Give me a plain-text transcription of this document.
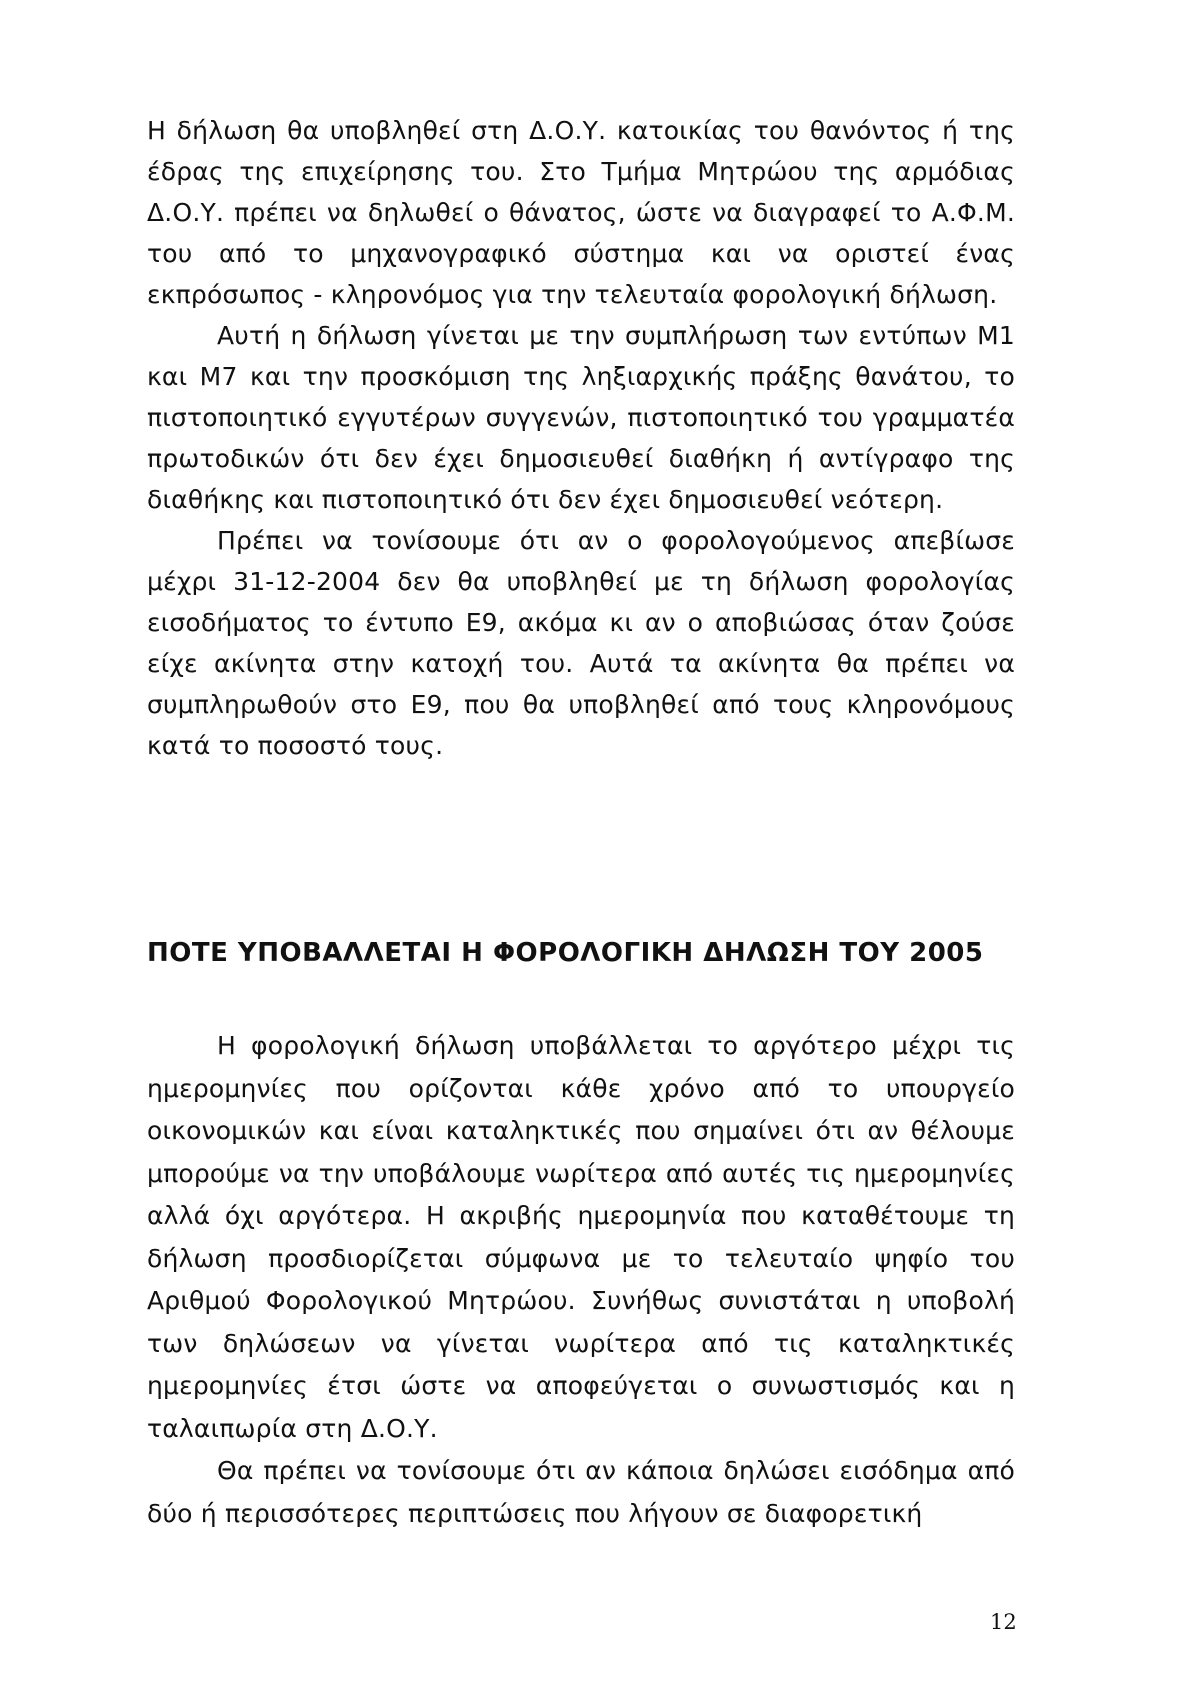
Η δήλωση θα υποβληθεί στη Δ.Ο.Υ. κατοικίας του θανόντος ή της έδρας της επιχείρησης του. Στο Τμήμα Μητρώου της αρμόδιας Δ.Ο.Υ. πρέπει να δηλωθεί ο θάνατος, ώστε να διαγραφεί το Α.Φ.Μ. του από το μηχανογραφικό σύστημα και να οριστεί ένας εκπρόσωπος - κληρονόμος για την τελευταία φορολογική δήλωση.

Αυτή η δήλωση γίνεται με την συμπλήρωση των εντύπων Μ1 και Μ7 και την προσκόμιση της ληξιαρχικής πράξης θανάτου, το πιστοποιητικό εγγυτέρων συγγενών, πιστοποιητικό του γραμματέα πρωτοδικών ότι δεν έχει δημοσιευθεί διαθήκη ή αντίγραφο της διαθήκης και πιστοποιητικό ότι δεν έχει δημοσιευθεί νεότερη.

Πρέπει να τονίσουμε ότι αν ο φορολογούμενος απεβίωσε μέχρι 31-12-2004 δεν θα υποβληθεί με τη δήλωση φορολογίας εισοδήματος το έντυπο Ε9, ακόμα κι αν ο αποβιώσας όταν ζούσε είχε ακίνητα στην κατοχή του. Αυτά τα ακίνητα θα πρέπει να συμπληρωθούν στο Ε9, που θα υποβληθεί από τους κληρονόμους κατά το ποσοστό τους.

ΠΟΤΕ ΥΠΟΒΑΛΛΕΤΑΙ Η ΦΟΡΟΛΟΓΙΚΗ ΔΗΛΩΣΗ ΤΟΥ 2005

Η φορολογική δήλωση υποβάλλεται το αργότερο μέχρι τις ημερομηνίες που ορίζονται κάθε χρόνο από το υπουργείο οικονομικών και είναι καταληκτικές που σημαίνει ότι αν θέλουμε μπορούμε να την υποβάλουμε νωρίτερα από αυτές τις ημερομηνίες αλλά όχι αργότερα. Η ακριβής ημερομηνία που καταθέτουμε τη δήλωση προσδιορίζεται σύμφωνα με το τελευταίο ψηφίο του Αριθμού Φορολογικού Μητρώου. Συνήθως συνιστάται η υποβολή των δηλώσεων να γίνεται νωρίτερα από τις καταληκτικές ημερομηνίες έτσι ώστε να αποφεύγεται ο συνωστισμός και η ταλαιπωρία στη Δ.Ο.Υ.

Θα πρέπει να τονίσουμε ότι αν κάποια δηλώσει εισόδημα από δύο ή περισσότερες περιπτώσεις που λήγουν σε διαφορετική

12
